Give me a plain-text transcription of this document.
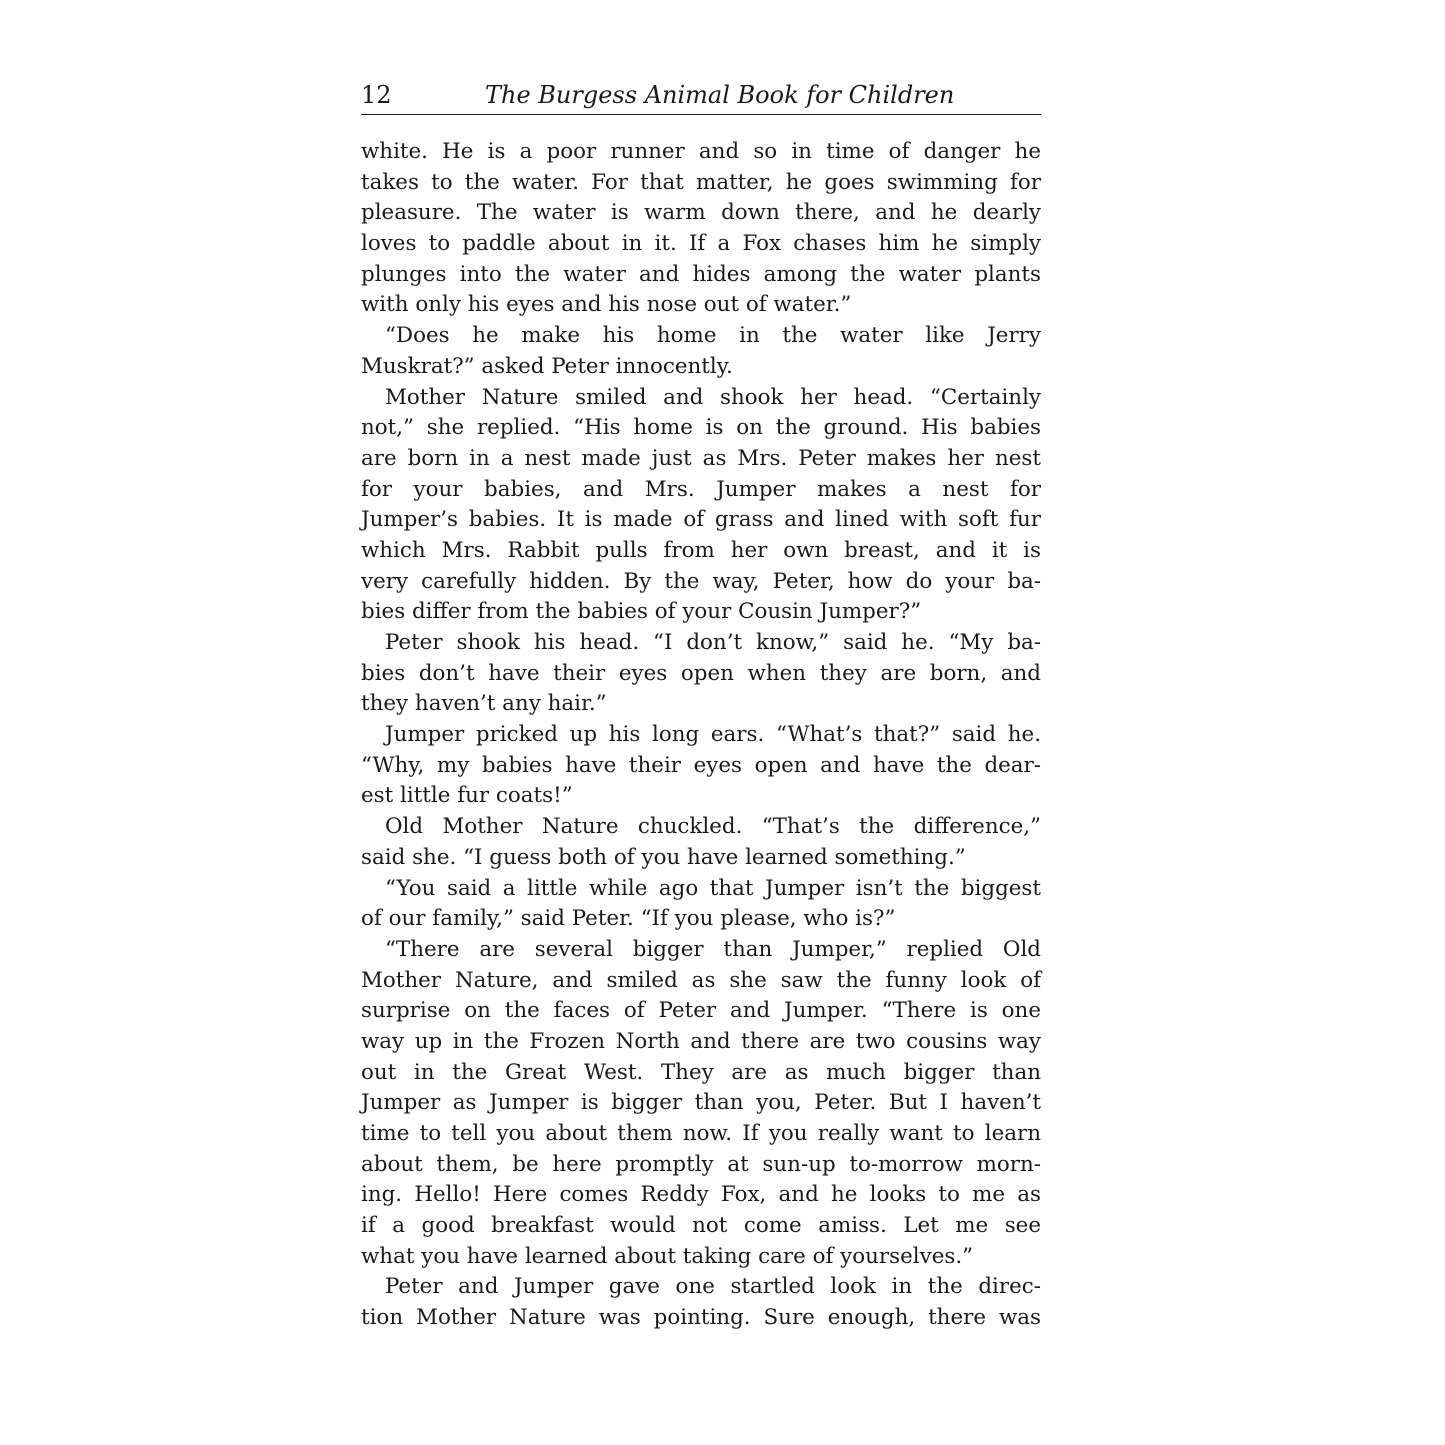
12	The Burgess Animal Book for Children
white. He is a poor runner and so in time of danger he
takes to the water. For that matter, he goes swimming for
pleasure. The water is warm down there, and he dearly
loves to paddle about in it. If a Fox chases him he simply
plunges into the water and hides among the water plants
with only his eyes and his nose out of water.”
“Does he make his home in the water like Jerry
Muskrat?” asked Peter innocently.
Mother Nature smiled and shook her head. “Certainly
not,” she replied. “His home is on the ground. His babies
are born in a nest made just as Mrs. Peter makes her nest
for your babies, and Mrs. Jumper makes a nest for
Jumper’s babies. It is made of grass and lined with soft fur
which Mrs. Rabbit pulls from her own breast, and it is
very carefully hidden. By the way, Peter, how do your ba-
bies differ from the babies of your Cousin Jumper?”
Peter shook his head. “I don’t know,” said he. “My ba-
bies don’t have their eyes open when they are born, and
they haven’t any hair.”
Jumper pricked up his long ears. “What’s that?” said he.
“Why, my babies have their eyes open and have the dear-
est little fur coats!”
Old Mother Nature chuckled. “That’s the difference,”
said she. “I guess both of you have learned something.”
“You said a little while ago that Jumper isn’t the biggest
of our family,” said Peter. “If you please, who is?”
“There are several bigger than Jumper,” replied Old
Mother Nature, and smiled as she saw the funny look of
surprise on the faces of Peter and Jumper. “There is one
way up in the Frozen North and there are two cousins way
out in the Great West. They are as much bigger than
Jumper as Jumper is bigger than you, Peter. But I haven’t
time to tell you about them now. If you really want to learn
about them, be here promptly at sun-up to-morrow morn-
ing. Hello! Here comes Reddy Fox, and he looks to me as
if a good breakfast would not come amiss. Let me see
what you have learned about taking care of yourselves.”
Peter and Jumper gave one startled look in the direc-
tion Mother Nature was pointing. Sure enough, there was
